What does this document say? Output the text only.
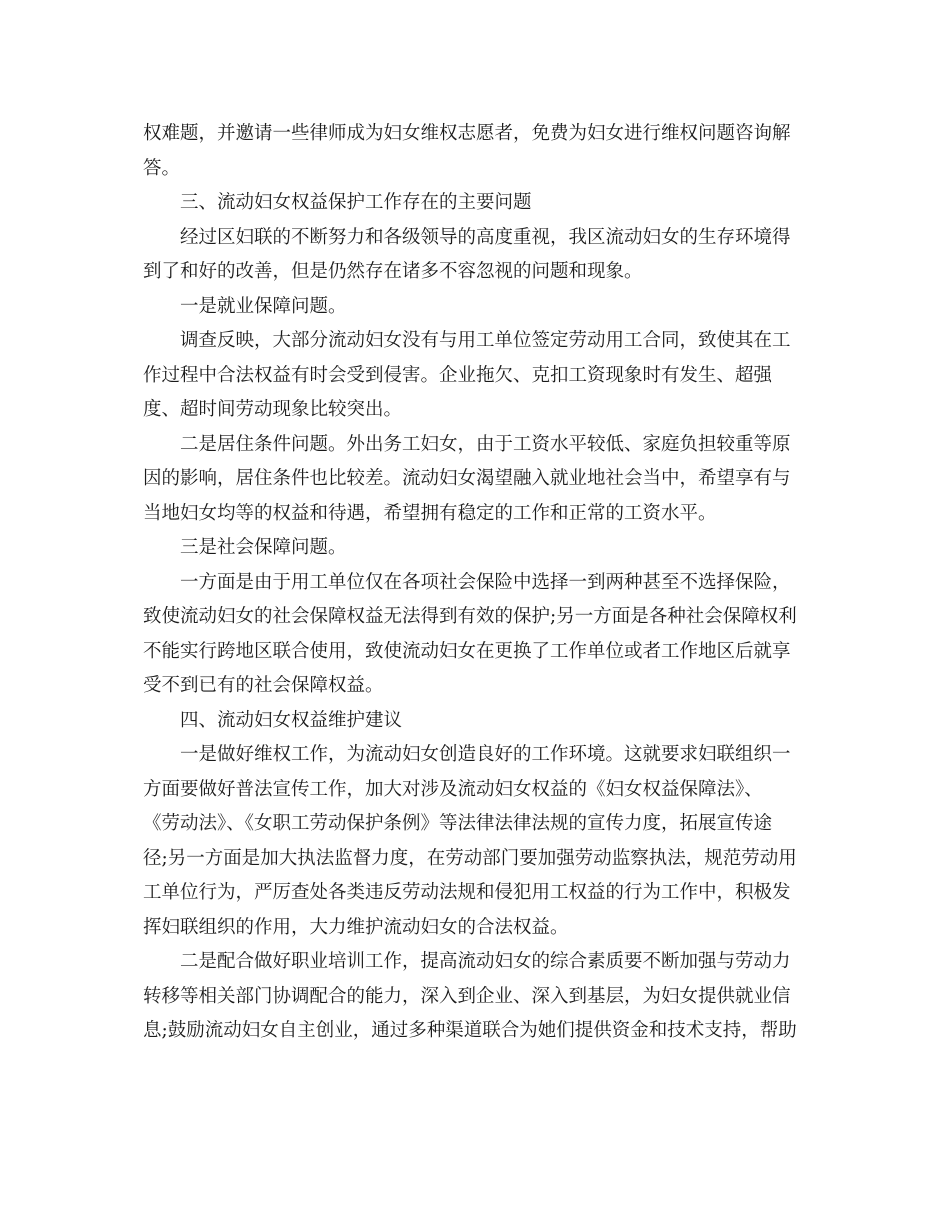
权难题，并邀请一些律师成为妇女维权志愿者，免费为妇女进行维权问题咨询解

答。

三、流动妇女权益保护工作存在的主要问题

经过区妇联的不断努力和各级领导的高度重视，我区流动妇女的生存环境得

到了和好的改善，但是仍然存在诸多不容忽视的问题和现象。

一是就业保障问题。

调查反映，大部分流动妇女没有与用工单位签定劳动用工合同，致使其在工

作过程中合法权益有时会受到侵害。企业拖欠、克扣工资现象时有发生、超强

度、超时间劳动现象比较突出。

二是居住条件问题。外出务工妇女，由于工资水平较低、家庭负担较重等原

因的影响，居住条件也比较差。流动妇女渴望融入就业地社会当中，希望享有与

当地妇女均等的权益和待遇，希望拥有稳定的工作和正常的工资水平。

三是社会保障问题。

一方面是由于用工单位仅在各项社会保险中选择一到两种甚至不选择保险，

致使流动妇女的社会保障权益无法得到有效的保护;另一方面是各种社会保障权利

不能实行跨地区联合使用，致使流动妇女在更换了工作单位或者工作地区后就享

受不到已有的社会保障权益。

四、流动妇女权益维护建议

一是做好维权工作，为流动妇女创造良好的工作环境。这就要求妇联组织一

方面要做好普法宣传工作，加大对涉及流动妇女权益的《妇女权益保障法》、

《劳动法》、《女职工劳动保护条例》等法律法律法规的宣传力度，拓展宣传途

径;另一方面是加大执法监督力度，在劳动部门要加强劳动监察执法，规范劳动用

工单位行为，严厉查处各类违反劳动法规和侵犯用工权益的行为工作中，积极发

挥妇联组织的作用，大力维护流动妇女的合法权益。

二是配合做好职业培训工作，提高流动妇女的综合素质要不断加强与劳动力

转移等相关部门协调配合的能力，深入到企业、深入到基层，为妇女提供就业信

息;鼓励流动妇女自主创业，通过多种渠道联合为她们提供资金和技术支持，帮助
